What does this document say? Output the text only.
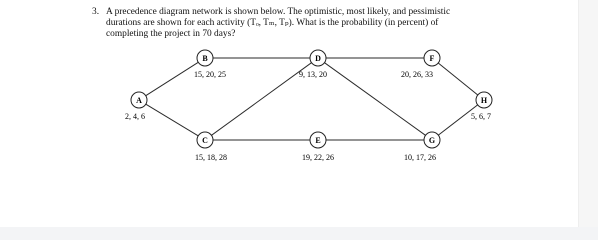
3. A precedence diagram network is shown below. The optimistic, most likely, and pessimistic
durations are shown for each activity (Tₒ, Tₘ, Tₚ). What is the probability (in percent) of
completing the project in 70 days?
A
2, 4, 6
B
15, 20, 25
C
15, 18, 28
D
9, 13, 20
E
19, 22, 26
F
20, 26, 33
G
10, 17, 26
H
5, 6, 7
